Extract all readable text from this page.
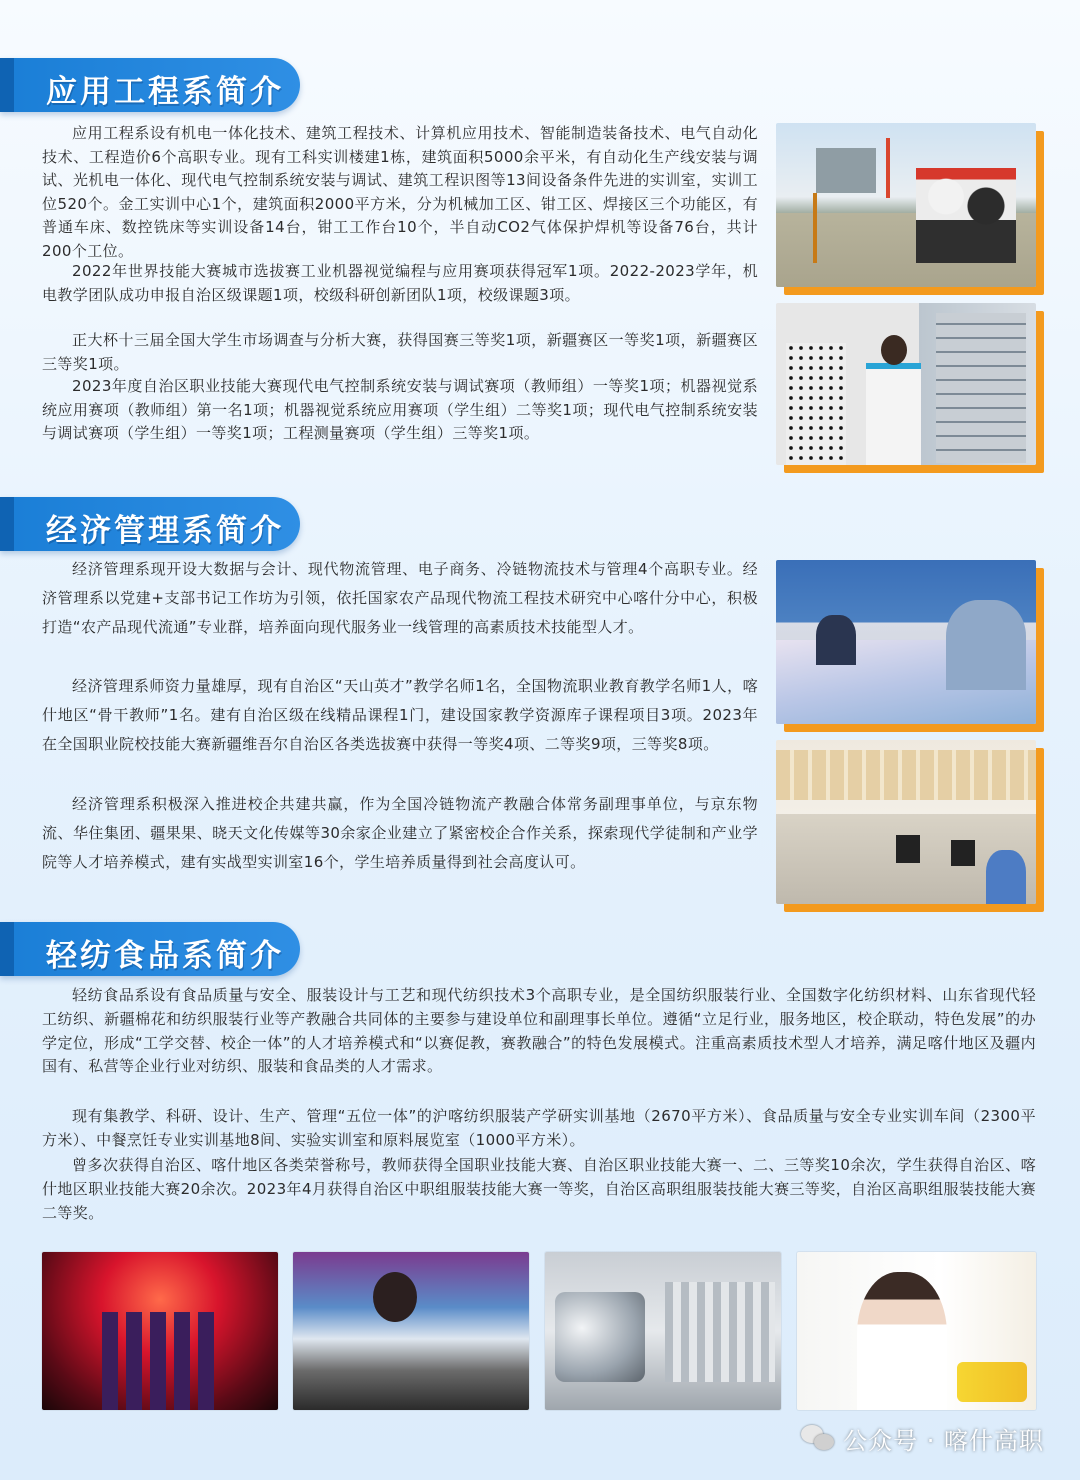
应用工程系简介

应用工程系设有机电一体化技术、建筑工程技术、计算机应用技术、智能制造装备技术、电气自动化技术、工程造价6个高职专业。现有工科实训楼建1栋，建筑面积5000余平米，有自动化生产线安装与调试、光机电一体化、现代电气控制系统安装与调试、建筑工程识图等13间设备条件先进的实训室，实训工位520个。金工实训中心1个，建筑面积2000平方米，分为机械加工区、钳工区、焊接区三个功能区，有普通车床、数控铣床等实训设备14台，钳工工作台10个，半自动CO2气体保护焊机等设备76台，共计200个工位。

2022年世界技能大赛城市选拔赛工业机器视觉编程与应用赛项获得冠军1项。2022-2023学年，机电教学团队成功申报自治区级课题1项，校级科研创新团队1项，校级课题3项。

正大杯十三届全国大学生市场调查与分析大赛，获得国赛三等奖1项，新疆赛区一等奖1项，新疆赛区三等奖1项。

2023年度自治区职业技能大赛现代电气控制系统安装与调试赛项（教师组）一等奖1项；机器视觉系统应用赛项（教师组）第一名1项；机器视觉系统应用赛项（学生组）二等奖1项；现代电气控制系统安装与调试赛项（学生组）一等奖1项；工程测量赛项（学生组）三等奖1项。

经济管理系简介

经济管理系现开设大数据与会计、现代物流管理、电子商务、冷链物流技术与管理4个高职专业。经济管理系以党建+支部书记工作坊为引领，依托国家农产品现代物流工程技术研究中心喀什分中心，积极打造“农产品现代流通”专业群，培养面向现代服务业一线管理的高素质技术技能型人才。

经济管理系师资力量雄厚，现有自治区“天山英才”教学名师1名，全国物流职业教育教学名师1人，喀什地区“骨干教师”1名。建有自治区级在线精品课程1门，建设国家教学资源库子课程项目3项。2023年在全国职业院校技能大赛新疆维吾尔自治区各类选拔赛中获得一等奖4项、二等奖9项，三等奖8项。

经济管理系积极深入推进校企共建共赢，作为全国冷链物流产教融合体常务副理事单位，与京东物流、华住集团、疆果果、晓天文化传媒等30余家企业建立了紧密校企合作关系，探索现代学徒制和产业学院等人才培养模式，建有实战型实训室16个，学生培养质量得到社会高度认可。

轻纺食品系简介

轻纺食品系设有食品质量与安全、服装设计与工艺和现代纺织技术3个高职专业，是全国纺织服装行业、全国数字化纺织材料、山东省现代轻工纺织、新疆棉花和纺织服装行业等产教融合共同体的主要参与建设单位和副理事长单位。遵循“立足行业，服务地区，校企联动，特色发展”的办学定位，形成“工学交替、校企一体”的人才培养模式和“以赛促教，赛教融合”的特色发展模式。注重高素质技术型人才培养，满足喀什地区及疆内国有、私营等企业行业对纺织、服装和食品类的人才需求。

现有集教学、科研、设计、生产、管理“五位一体”的沪喀纺织服装产学研实训基地（2670平方米）、食品质量与安全专业实训车间（2300平方米）、中餐烹饪专业实训基地8间、实验实训室和原料展览室（1000平方米）。

曾多次获得自治区、喀什地区各类荣誉称号，教师获得全国职业技能大赛、自治区职业技能大赛一、二、三等奖10余次，学生获得自治区、喀什地区职业技能大赛20余次。2023年4月获得自治区中职组服装技能大赛一等奖，自治区高职组服装技能大赛三等奖，自治区高职组服装技能大赛二等奖。

公众号 · 喀什高职
